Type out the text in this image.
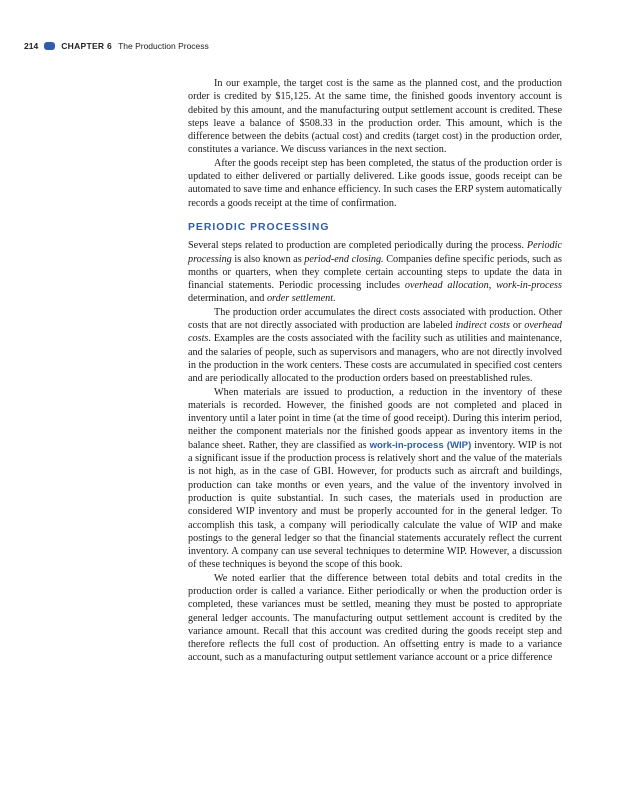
214	CHAPTER 6 The Production Process

In our example, the target cost is the same as the planned cost, and the production order is credited by $15,125. At the same time, the finished goods inventory account is debited by this amount, and the manufacturing output settlement account is credited. These steps leave a balance of $508.33 in the production order. This amount, which is the difference between the debits (actual cost) and credits (target cost) in the production order, constitutes a variance. We discuss variances in the next section.

After the goods receipt step has been completed, the status of the production order is updated to either delivered or partially delivered. Like goods issue, goods receipt can be automated to save time and enhance efficiency. In such cases the ERP system automatically records a goods receipt at the time of confirmation.

PERIODIC PROCESSING

Several steps related to production are completed periodically during the process. Periodic processing is also known as period-end closing. Companies define specific periods, such as months or quarters, when they complete certain accounting steps to update the data in financial statements. Periodic processing includes overhead allocation, work-in-process determination, and order settlement.

The production order accumulates the direct costs associated with production. Other costs that are not directly associated with production are labeled indirect costs or overhead costs. Examples are the costs associated with the facility such as utilities and maintenance, and the salaries of people, such as supervisors and managers, who are not directly involved in the production in the work centers. These costs are accumulated in specified cost centers and are periodically allocated to the production orders based on preestablished rules.

When materials are issued to production, a reduction in the inventory of these materials is recorded. However, the finished goods are not completed and placed in inventory until a later point in time (at the time of good receipt). During this interim period, neither the component materials nor the finished goods appear as inventory items in the balance sheet. Rather, they are classified as work-in-process (WIP) inventory. WIP is not a significant issue if the production process is relatively short and the value of the materials is not high, as in the case of GBI. However, for products such as aircraft and buildings, production can take months or even years, and the value of the inventory involved in production is quite substantial. In such cases, the materials used in production are considered WIP inventory and must be properly accounted for in the general ledger. To accomplish this task, a company will periodically calculate the value of WIP and make postings to the general ledger so that the financial statements accurately reflect the current inventory. A company can use several techniques to determine WIP. However, a discussion of these techniques is beyond the scope of this book.

We noted earlier that the difference between total debits and total credits in the production order is called a variance. Either periodically or when the production order is completed, these variances must be settled, meaning they must be posted to appropriate general ledger accounts. The manufacturing output settlement account is credited by the variance amount. Recall that this account was credited during the goods receipt step and therefore reflects the full cost of production. An offsetting entry is made to a variance account, such as a manufacturing output settlement variance account or a price difference
